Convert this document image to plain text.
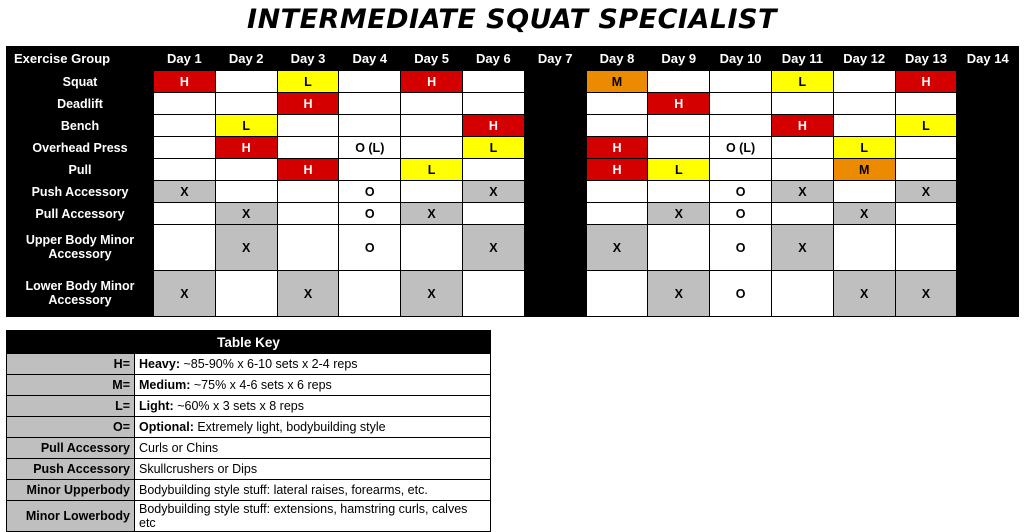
INTERMEDIATE SQUAT SPECIALIST
Exercise Group	Day 1	Day 2	Day 3	Day 4	Day 5	Day 6	Day 7	Day 8	Day 9	Day 10	Day 11	Day 12	Day 13	Day 14
Squat	H		L		H			M			L		H	
Deadlift			H						H					
Bench		L				H					H		L	
Overhead Press		H		O (L)		L		H		O (L)		L		
Pull			H		L			H	L			M		
Push Accessory	X			O		X				O	X		X	
Pull Accessory		X		O	X				X	O		X		
Upper Body Minor Accessory		X		O		X		X		O	X			
Lower Body Minor Accessory	X		X		X				X	O		X	X	
Table Key	
H=	Heavy: ~85-90% x 6-10 sets x 2-4 reps
M=	Medium: ~75% x 4-6 sets x 6 reps
L=	Light: ~60% x 3 sets x 8 reps
O=	Optional: Extremely light, bodybuilding style
Pull Accessory	Curls or Chins
Push Accessory	Skullcrushers or Dips
Minor Upperbody	Bodybuilding style stuff: lateral raises, forearms, etc.
Minor Lowerbody	Bodybuilding style stuff: extensions, hamstring curls, calves etc
